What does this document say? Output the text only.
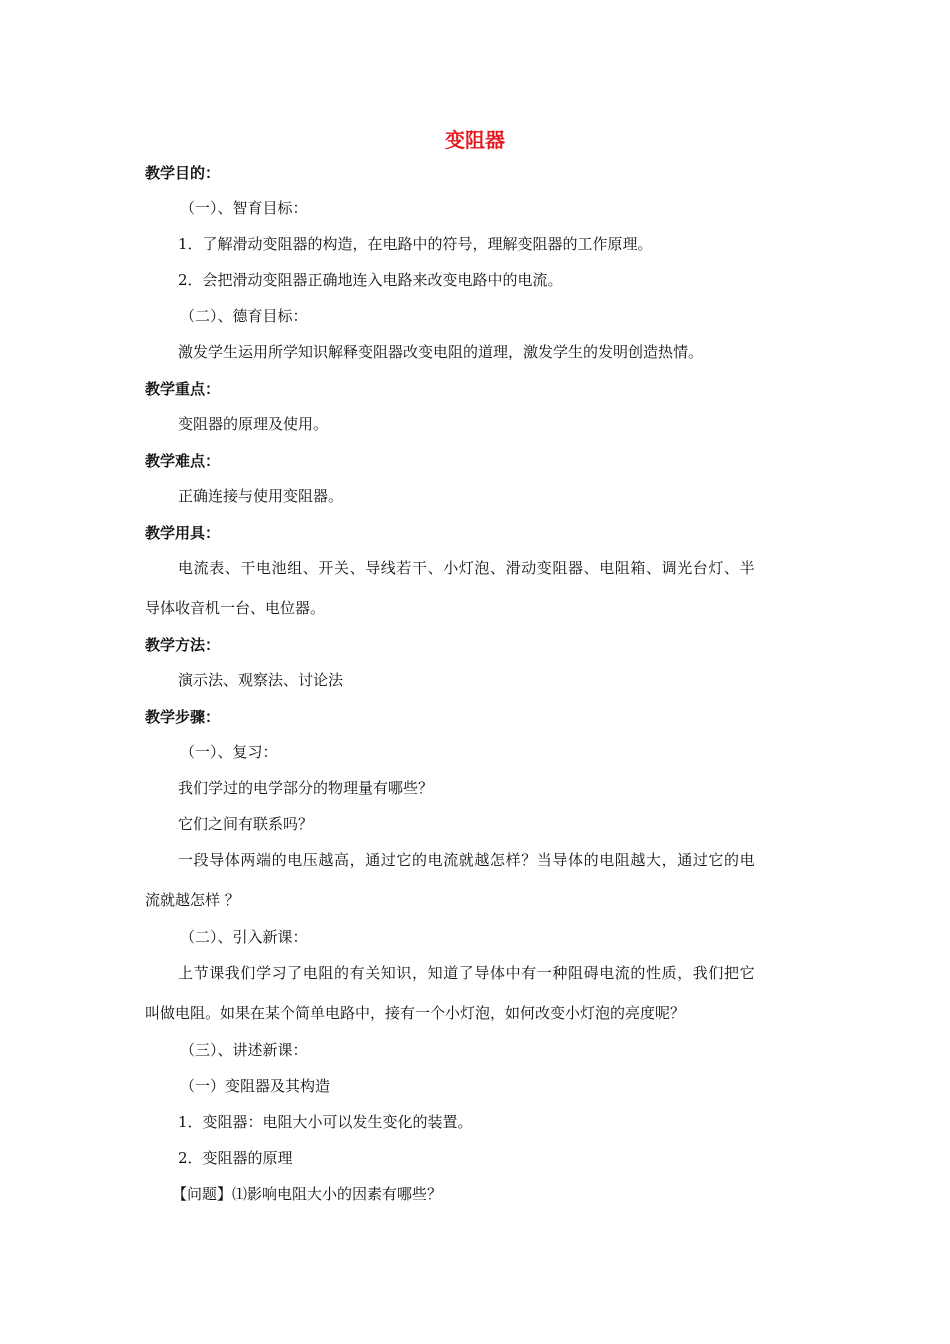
变阻器
教学目的：
（一）、智育目标：
1．了解滑动变阻器的构造，在电路中的符号，理解变阻器的工作原理。
2．会把滑动变阻器正确地连入电路来改变电路中的电流。
（二）、德育目标：
激发学生运用所学知识解释变阻器改变电阻的道理，激发学生的发明创造热情。
教学重点：
变阻器的原理及使用。
教学难点：
正确连接与使用变阻器。
教学用具：
电流表、干电池组、开关、导线若干、小灯泡、滑动变阻器、电阻箱、调光台灯、半
导体收音机一台、电位器。
教学方法：
演示法、观察法、讨论法
教学步骤：
（一）、复习：
我们学过的电学部分的物理量有哪些？
它们之间有联系吗？
一段导体两端的电压越高，通过它的电流就越怎样？当导体的电阻越大，通过它的电
流就越怎样 ？
（二）、引入新课：
上节课我们学习了电阻的有关知识，知道了导体中有一种阻碍电流的性质，我们把它
叫做电阻。如果在某个简单电路中，接有一个小灯泡，如何改变小灯泡的亮度呢？
（三）、讲述新课：
（一）变阻器及其构造
1．变阻器：电阻大小可以发生变化的装置。
2．变阻器的原理
【问题】⑴影响电阻大小的因素有哪些？
